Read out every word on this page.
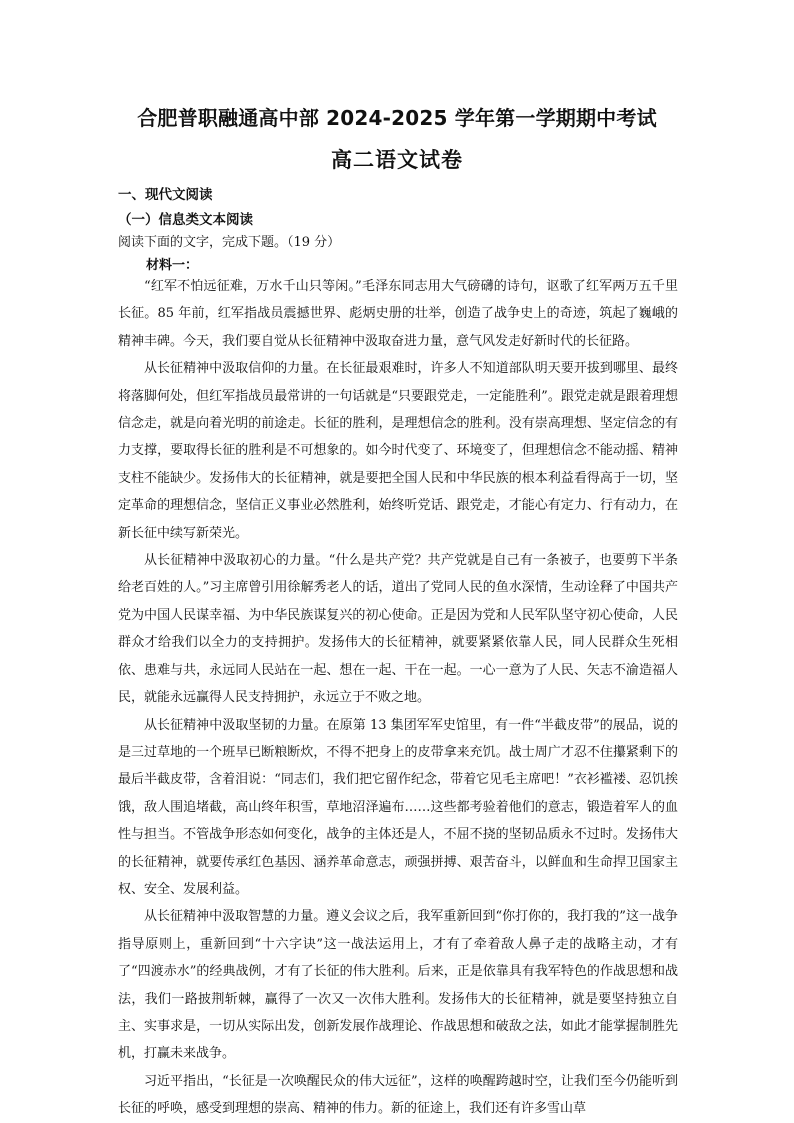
合肥普职融通高中部 2024-2025 学年第一学期期中考试
高二语文试卷
一、现代文阅读
（一）信息类文本阅读
阅读下面的文字，完成下题。（19 分）
材料一：

“红军不怕远征难，万水千山只等闲。”毛泽东同志用大气磅礴的诗句，讴歌了红军两万五千里长征。85 年前，红军指战员震撼世界、彪炳史册的壮举，创造了战争史上的奇迹，筑起了巍峨的精神丰碑。今天，我们要自觉从长征精神中汲取奋进力量，意气风发走好新时代的长征路。

从长征精神中汲取信仰的力量。在长征最艰难时，许多人不知道部队明天要开拔到哪里、最终将落脚何处，但红军指战员最常讲的一句话就是“只要跟党走，一定能胜利”。跟党走就是跟着理想信念走，就是向着光明的前途走。长征的胜利，是理想信念的胜利。没有崇高理想、坚定信念的有力支撑，要取得长征的胜利是不可想象的。如今时代变了、环境变了，但理想信念不能动摇、精神支柱不能缺少。发扬伟大的长征精神，就是要把全国人民和中华民族的根本利益看得高于一切，坚定革命的理想信念，坚信正义事业必然胜利，始终听党话、跟党走，才能心有定力、行有动力，在新长征中续写新荣光。

从长征精神中汲取初心的力量。“什么是共产党？共产党就是自己有一条被子，也要剪下半条给老百姓的人。”习主席曾引用徐解秀老人的话，道出了党同人民的鱼水深情，生动诠释了中国共产党为中国人民谋幸福、为中华民族谋复兴的初心使命。正是因为党和人民军队坚守初心使命，人民群众才给我们以全力的支持拥护。发扬伟大的长征精神，就要紧紧依靠人民，同人民群众生死相依、患难与共，永远同人民站在一起、想在一起、干在一起。一心一意为了人民、矢志不渝造福人民，就能永远赢得人民支持拥护，永远立于不败之地。

从长征精神中汲取坚韧的力量。在原第 13 集团军军史馆里，有一件“半截皮带”的展品，说的是三过草地的一个班早已断粮断炊，不得不把身上的皮带拿来充饥。战士周广才忍不住攥紧剩下的最后半截皮带，含着泪说：“同志们，我们把它留作纪念，带着它见毛主席吧！”衣衫褴褛、忍饥挨饿，敌人围追堵截，高山终年积雪，草地沼泽遍布……这些都考验着他们的意志，锻造着军人的血性与担当。不管战争形态如何变化，战争的主体还是人，不屈不挠的坚韧品质永不过时。发扬伟大的长征精神，就要传承红色基因、涵养革命意志，顽强拼搏、艰苦奋斗，以鲜血和生命捍卫国家主权、安全、发展利益。

从长征精神中汲取智慧的力量。遵义会议之后，我军重新回到“你打你的，我打我的”这一战争指导原则上，重新回到“十六字诀”这一战法运用上，才有了牵着敌人鼻子走的战略主动，才有了“四渡赤水”的经典战例，才有了长征的伟大胜利。后来，正是依靠具有我军特色的作战思想和战法，我们一路披荆斩棘，赢得了一次又一次伟大胜利。发扬伟大的长征精神，就是要坚持独立自主、实事求是，一切从实际出发，创新发展作战理论、作战思想和破敌之法，如此才能掌握制胜先机，打赢未来战争。

习近平指出，“长征是一次唤醒民众的伟大远征”，这样的唤醒跨越时空，让我们至今仍能听到长征的呼唤，感受到理想的崇高、精神的伟力。新的征途上，我们还有许多雪山草
